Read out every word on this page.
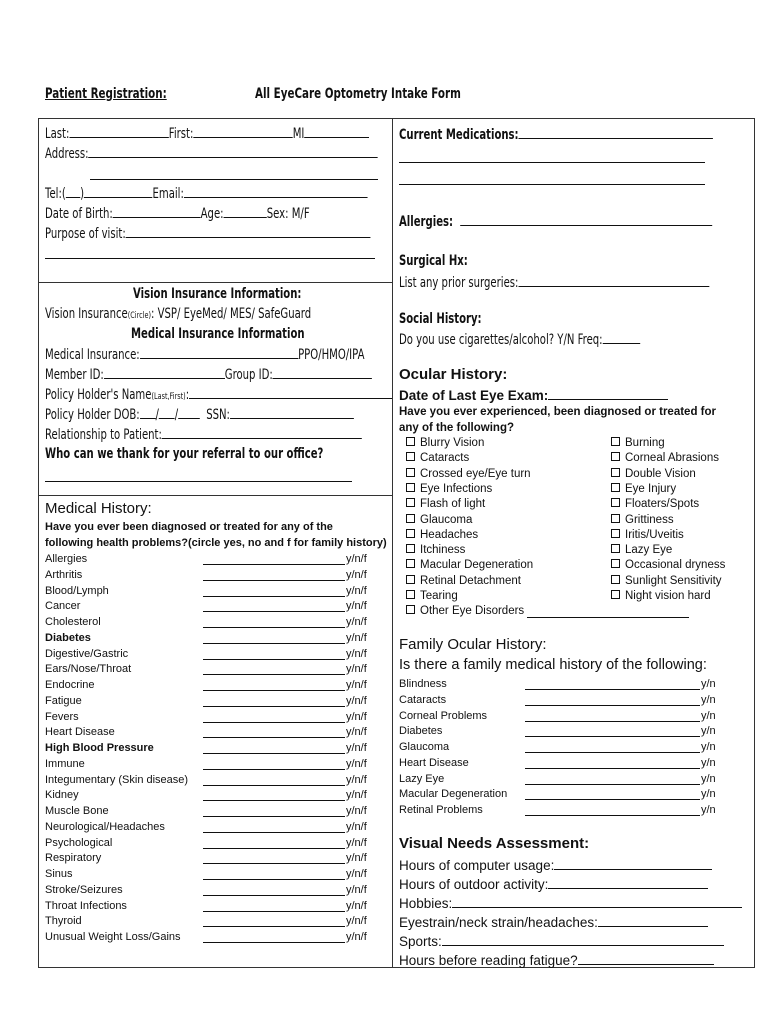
Patient Registration:	All EyeCare Optometry Intake Form
Last:	First:	MI
Address:
Tel:( )	Email:
Date of Birth:	Age:	Sex: M/F
Purpose of visit:
Vision Insurance Information:
Vision Insurance(Circle): VSP/ EyeMed/ MES/ SafeGuard
Medical Insurance Information
Medical Insurance:	PPO/HMO/IPA
Member ID:	Group ID:
Policy Holder's Name(Last,First):
Policy Holder DOB: / / SSN:
Relationship to Patient:
Who can we thank for your referral to our office?
Medical History:
Have you ever been diagnosed or treated for any of the
following health problems?(circle yes, no and f for family history)
Allergies	y/n/f
Arthritis	y/n/f
Blood/Lymph	y/n/f
Cancer	y/n/f
Cholesterol	y/n/f
Diabetes	y/n/f
Digestive/Gastric	y/n/f
Ears/Nose/Throat	y/n/f
Endocrine	y/n/f
Fatigue	y/n/f
Fevers	y/n/f
Heart Disease	y/n/f
High Blood Pressure	y/n/f
Immune	y/n/f
Integumentary (Skin disease)	y/n/f
Kidney	y/n/f
Muscle Bone	y/n/f
Neurological/Headaches	y/n/f
Psychological	y/n/f
Respiratory	y/n/f
Sinus	y/n/f
Stroke/Seizures	y/n/f
Throat Infections	y/n/f
Thyroid	y/n/f
Unusual Weight Loss/Gains	y/n/f
Current Medications:
Allergies:
Surgical Hx:
List any prior surgeries:
Social History:
Do you use cigarettes/alcohol? Y/N Freq:
Ocular History:
Date of Last Eye Exam:
Have you ever experienced, been diagnosed or treated for
any of the following?
Blurry Vision
Cataracts
Crossed eye/Eye turn
Eye Infections
Flash of light
Glaucoma
Headaches
Itchiness
Macular Degeneration
Retinal Detachment
Tearing
Other Eye Disorders
Burning
Corneal Abrasions
Double Vision
Eye Injury
Floaters/Spots
Grittiness
Iritis/Uveitis
Lazy Eye
Occasional dryness
Sunlight Sensitivity
Night vision hard
Family Ocular History:
Is there a family medical history of the following:
Blindness	y/n
Cataracts	y/n
Corneal Problems	y/n
Diabetes	y/n
Glaucoma	y/n
Heart Disease	y/n
Lazy Eye	y/n
Macular Degeneration	y/n
Retinal Problems	y/n
Visual Needs Assessment:
Hours of computer usage:
Hours of outdoor activity:
Hobbies:
Eyestrain/neck strain/headaches:
Sports:
Hours before reading fatigue?
